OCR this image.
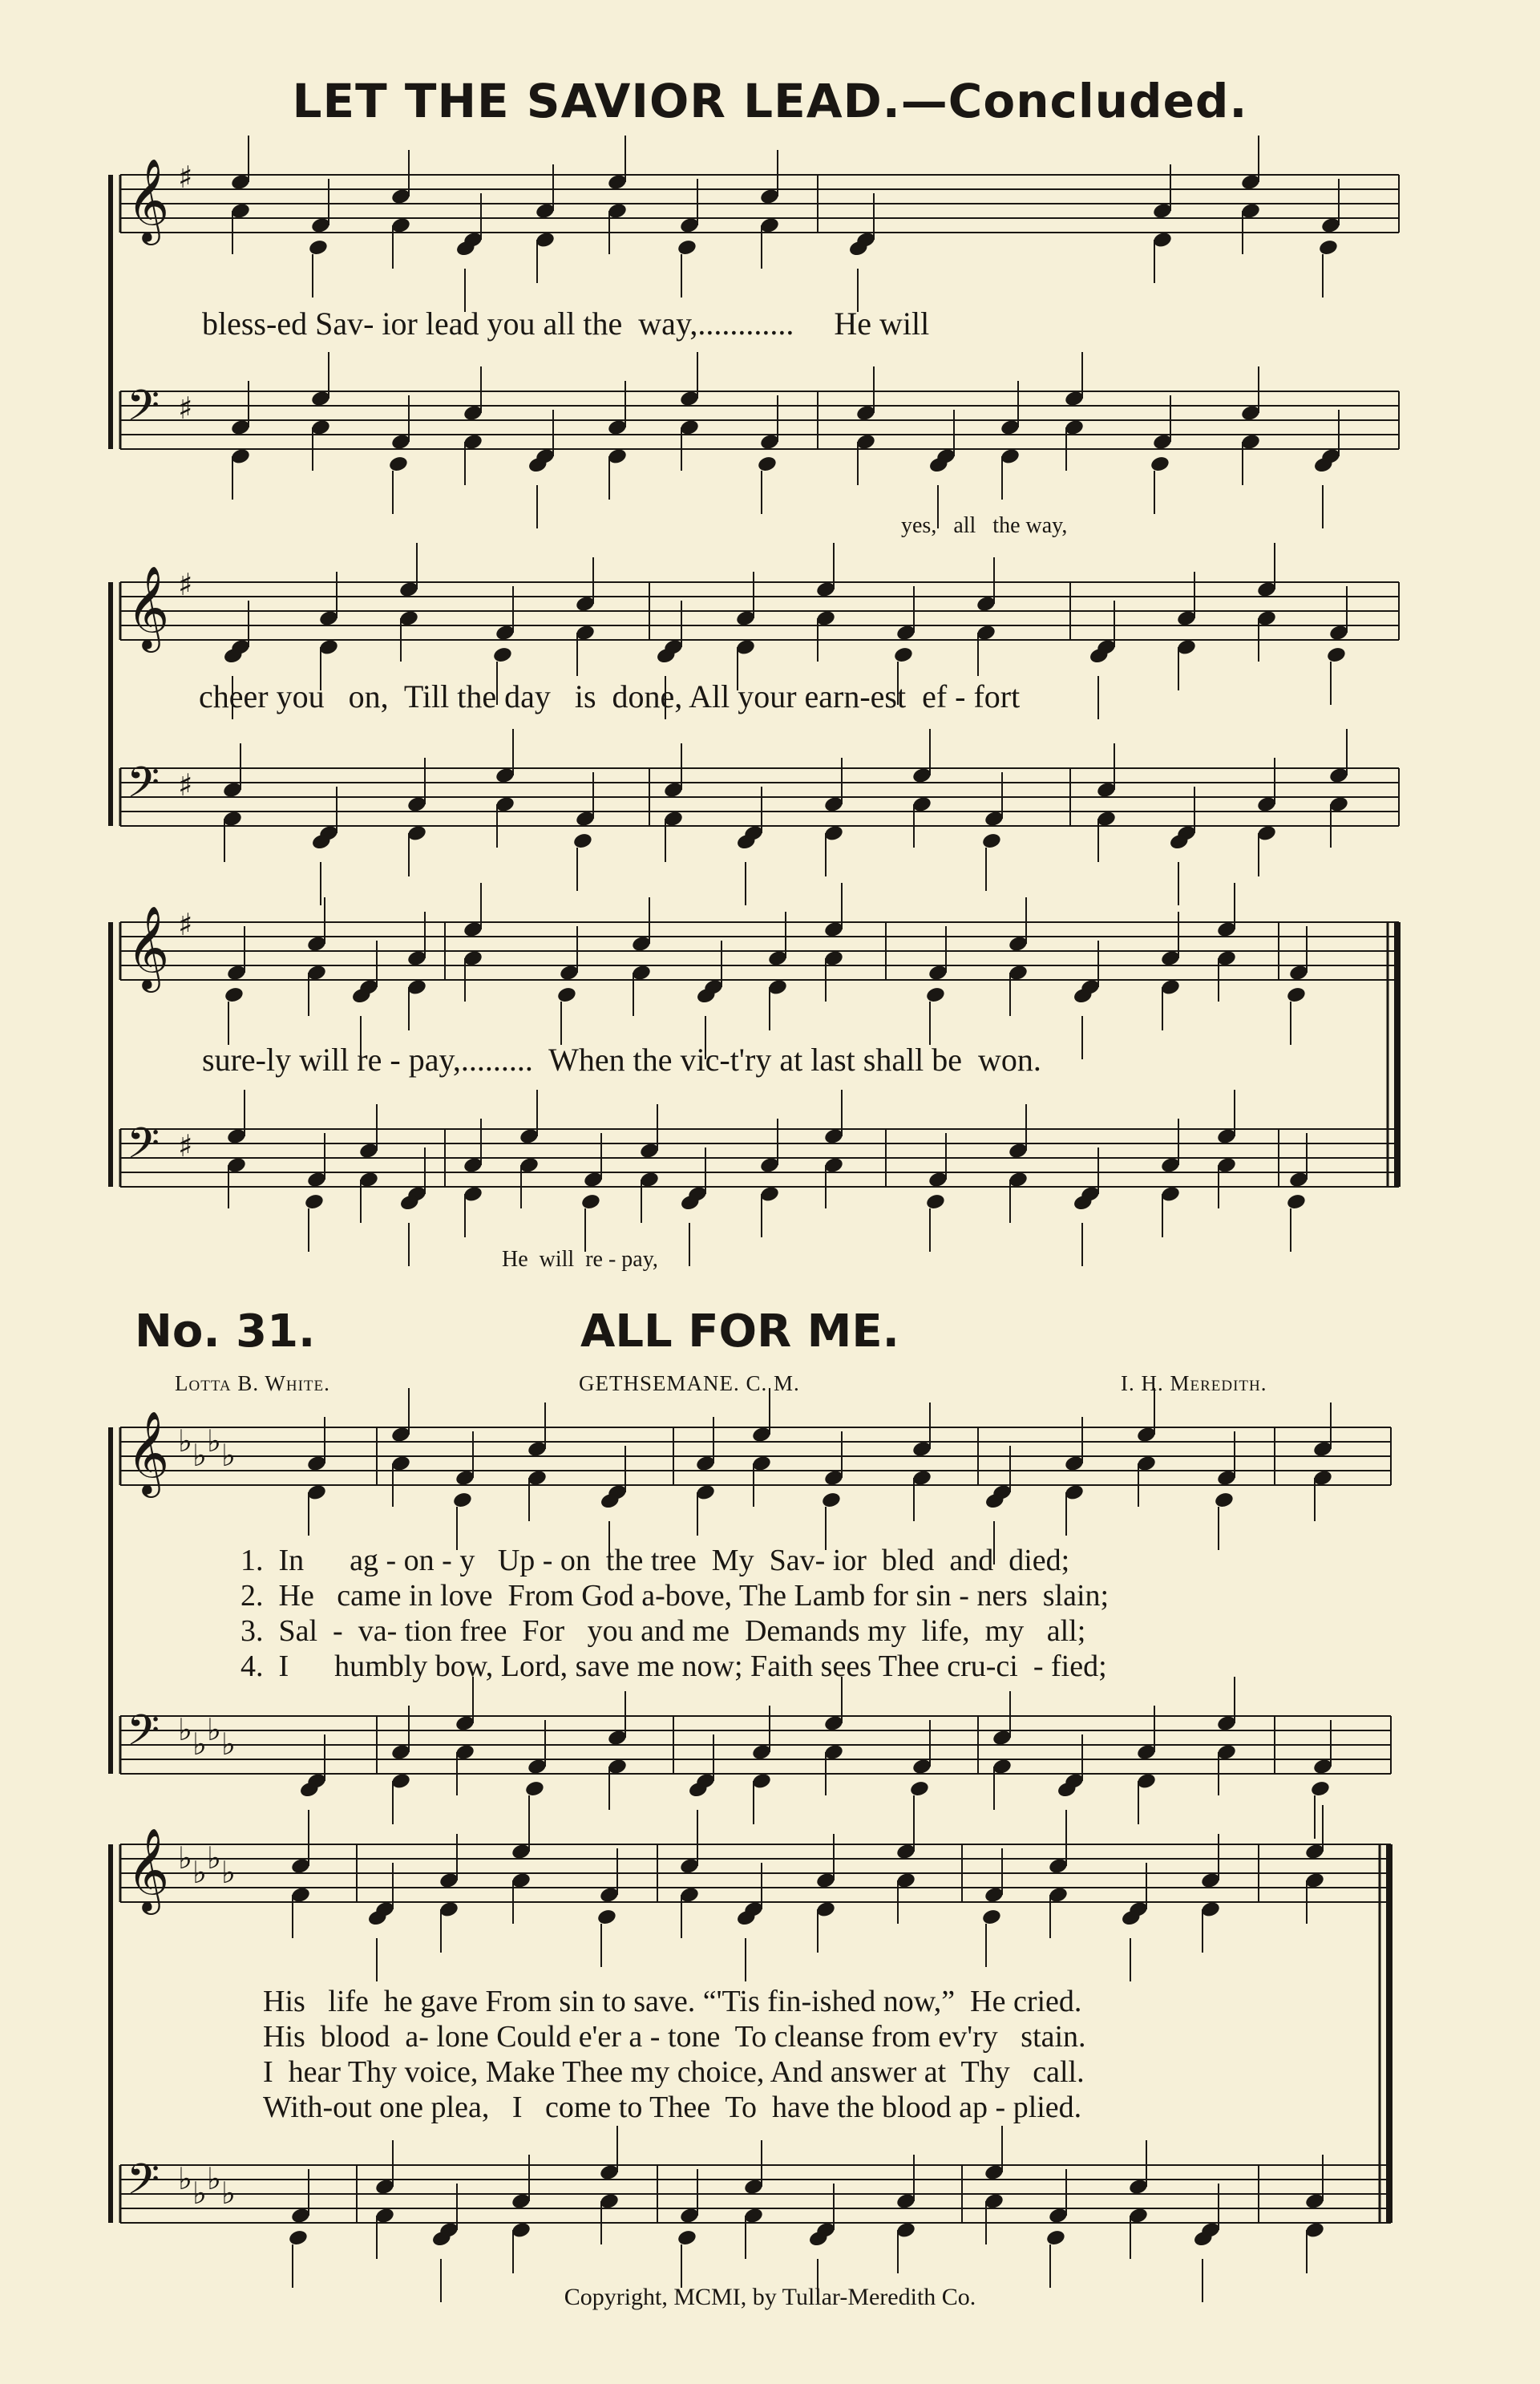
LET THE SAVIOR LEAD.—Concluded.
𝄞 ♯
𝄢 ♯
𝄞 ♯
𝄢 ♯
𝄞 ♯
𝄢 ♯
𝄞 ♭ ♭ ♭ ♭
𝄢 ♭ ♭ ♭ ♭
𝄞 ♭ ♭ ♭ ♭
𝄢 ♭ ♭ ♭ ♭
bless-ed Sav- ior lead you all the  way,............     He will
yes,   all   the way,
cheer you   on,  Till the day   is  done, All your earn-est  ef - fort
sure-ly will re - pay,.........  When the vic-t'ry at last shall be  won.
He  will  re - pay,
No. 31.	ALL FOR ME.
Lotta B. White.	GETHSEMANE. C. M.	I. H. Meredith.
1.  In      ag - on - y   Up - on  the tree  My  Sav- ior  bled  and  died;
2.  He   came in love  From God a-bove, The Lamb for sin - ners  slain;
3.  Sal  -  va- tion free  For   you and me  Demands my  life,  my   all;
4.  I      humbly bow, Lord, save me now; Faith sees Thee cru-ci  - fied;
His   life  he gave From sin to save. “'Tis fin-ished now,”  He cried.
His  blood  a- lone Could e'er a - tone  To cleanse from ev'ry   stain.
I  hear Thy voice, Make Thee my choice, And answer at  Thy   call.
With-out one plea,   I   come to Thee  To  have the blood ap - plied.
Copyright, MCMI, by Tullar-Meredith Co.
